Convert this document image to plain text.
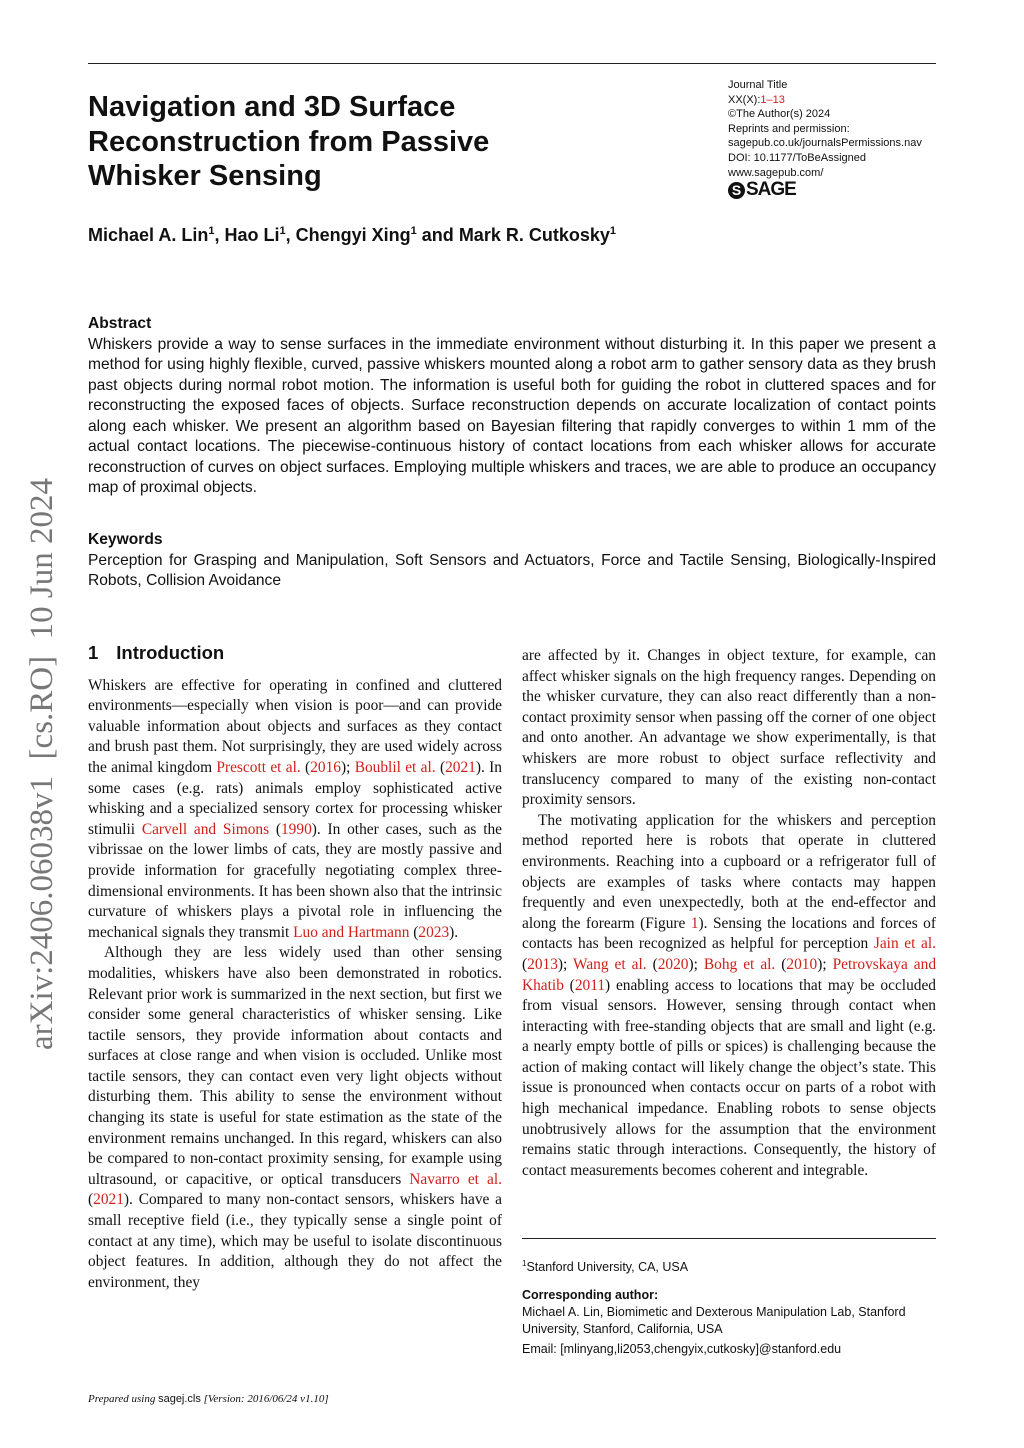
Navigation and 3D Surface Reconstruction from Passive Whisker Sensing
Journal Title
XX(X):1–13
©The Author(s) 2024
Reprints and permission:
sagepub.co.uk/journalsPermissions.nav
DOI: 10.1177/ToBeAssigned
www.sagepub.com/
S SAGE
Michael A. Lin$^1$, Hao Li$^1$, Chengyi Xing$^1$ and Mark R. Cutkosky$^1$
Abstract

Whiskers provide a way to sense surfaces in the immediate environment without disturbing it. In this paper we present a method for using highly flexible, curved, passive whiskers mounted along a robot arm to gather sensory data as they brush past objects during normal robot motion. The information is useful both for guiding the robot in cluttered spaces and for reconstructing the exposed faces of objects. Surface reconstruction depends on accurate localization of contact points along each whisker. We present an algorithm based on Bayesian filtering that rapidly converges to within 1 mm of the actual contact locations. The piecewise-continuous history of contact locations from each whisker allows for accurate reconstruction of curves on object surfaces. Employing multiple whiskers and traces, we are able to produce an occupancy map of proximal objects.

Keywords

Perception for Grasping and Manipulation, Soft Sensors and Actuators, Force and Tactile Sensing, Biologically-Inspired Robots, Collision Avoidance

arXiv:2406.06038v1  [cs.RO]  10 Jun 2024 1 Introduction

Whiskers are effective for operating in confined and cluttered environments—especially when vision is poor—and can provide valuable information about objects and surfaces as they contact and brush past them. Not surprisingly, they are used widely across the animal kingdom Prescott et al. (2016); Boublil et al. (2021). In some cases (e.g. rats) animals employ sophisticated active whisking and a specialized sensory cortex for processing whisker stimulii Carvell and Simons (1990). In other cases, such as the vibrissae on the lower limbs of cats, they are mostly passive and provide information for gracefully negotiating complex three-dimensional environments. It has been shown also that the intrinsic curvature of whiskers plays a pivotal role in influencing the mechanical signals they transmit Luo and Hartmann (2023).

Although they are less widely used than other sensing modalities, whiskers have also been demonstrated in robotics. Relevant prior work is summarized in the next section, but first we consider some general characteristics of whisker sensing. Like tactile sensors, they provide information about contacts and surfaces at close range and when vision is occluded. Unlike most tactile sensors, they can contact even very light objects without disturbing them. This ability to sense the environment without changing its state is useful for state estimation as the state of the environment remains unchanged. In this regard, whiskers can also be compared to non-contact proximity sensing, for example using ultrasound, or capacitive, or optical transducers Navarro et al. (2021). Compared to many non-contact sensors, whiskers have a small receptive field (i.e., they typically sense a single point of contact at any time), which may be useful to isolate discontinuous object features. In addition, although they do not affect the environment, they

are affected by it. Changes in object texture, for example, can affect whisker signals on the high frequency ranges. Depending on the whisker curvature, they can also react differently than a non-contact proximity sensor when passing off the corner of one object and onto another. An advantage we show experimentally, is that whiskers are more robust to object surface reflectivity and translucency compared to many of the existing non-contact proximity sensors.

The motivating application for the whiskers and perception method reported here is robots that operate in cluttered environments. Reaching into a cupboard or a refrigerator full of objects are examples of tasks where contacts may happen frequently and even unexpectedly, both at the end-effector and along the forearm (Figure 1). Sensing the locations and forces of contacts has been recognized as helpful for perception Jain et al. (2013); Wang et al. (2020); Bohg et al. (2010); Petrovskaya and Khatib (2011) enabling access to locations that may be occluded from visual sensors. However, sensing through contact when interacting with free-standing objects that are small and light (e.g. a nearly empty bottle of pills or spices) is challenging because the action of making contact will likely change the object’s state. This issue is pronounced when contacts occur on parts of a robot with high mechanical impedance. Enabling robots to sense objects unobtrusively allows for the assumption that the environment remains static through interactions. Consequently, the history of contact measurements becomes coherent and integrable.

$^1$Stanford University, CA, USA
Corresponding author:
Michael A. Lin, Biomimetic and Dexterous Manipulation Lab, Stanford University, Stanford, California, USA
Email: [mlinyang,li2053,chengyix,cutkosky]@stanford.edu
Prepared using sagej.cls [Version: 2016/06/24 v1.10]
